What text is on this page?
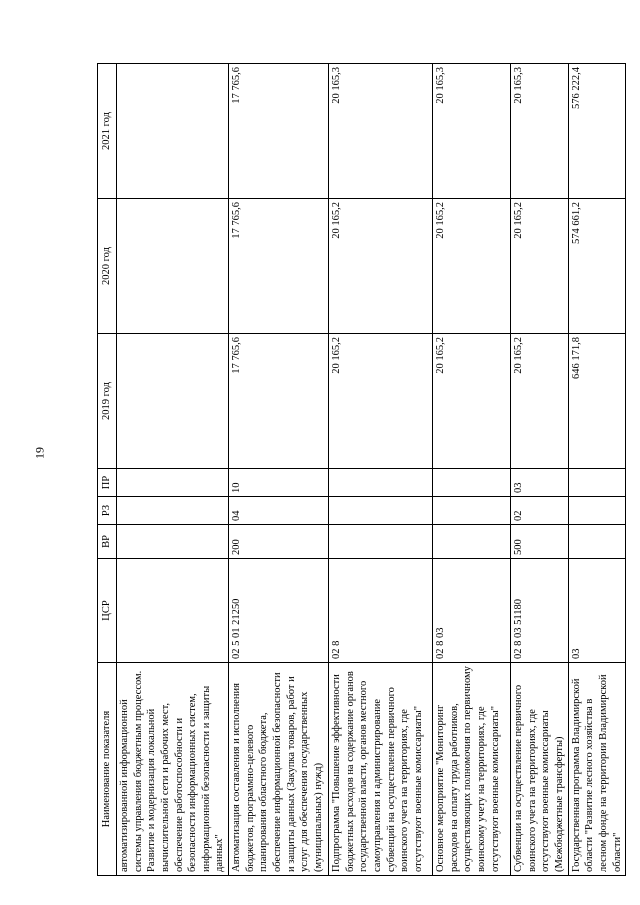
19
Наименование показателя	ЦСР	ВР	РЗ	ПР	2019 год	2020 год	2021 год
автоматизированной информационной системы управления бюджетным процессом. Развитие и модернизация локальной вычислительной сети и рабочих мест, обеспечение работоспособности и безопасности информационных систем, информационной безопасности и защиты данных"							
Автоматизация составления и исполнения бюджетов, программно-целевого планирования областного бюджета, обеспечение информационной безопасности и защиты данных (Закупка товаров, работ и услуг для обеспечения государственных (муниципальных) нужд)	02 5 01 21250	200	04	10	17 765,6	17 765,6	17 765,6
Подпрограмма "Повышение эффективности бюджетных расходов на содержание органов государственной власти, органов местного самоуправления и администрирование субвенций на осуществление первичного воинского учета на территориях, где отсутствуют военные комиссариаты"	02 8				20 165,2	20 165,2	20 165,3
Основное мероприятие "Мониторинг расходов на оплату труда работников, осуществляющих полномочия по первичному воинскому учету на территориях, где отсутствуют военные комиссариаты"	02 8 03				20 165,2	20 165,2	20 165,3
Субвенции на осуществление первичного воинского учета на территориях, где отсутствуют военные комиссариаты (Межбюджетные трансферты)	02 8 03 51180	500	02	03	20 165,2	20 165,2	20 165,3
Государственная программа Владимирской области "Развитие лесного хозяйства в лесном фонде на территории Владимирской области"	03				646 171,8	574 661,2	576 222,4
